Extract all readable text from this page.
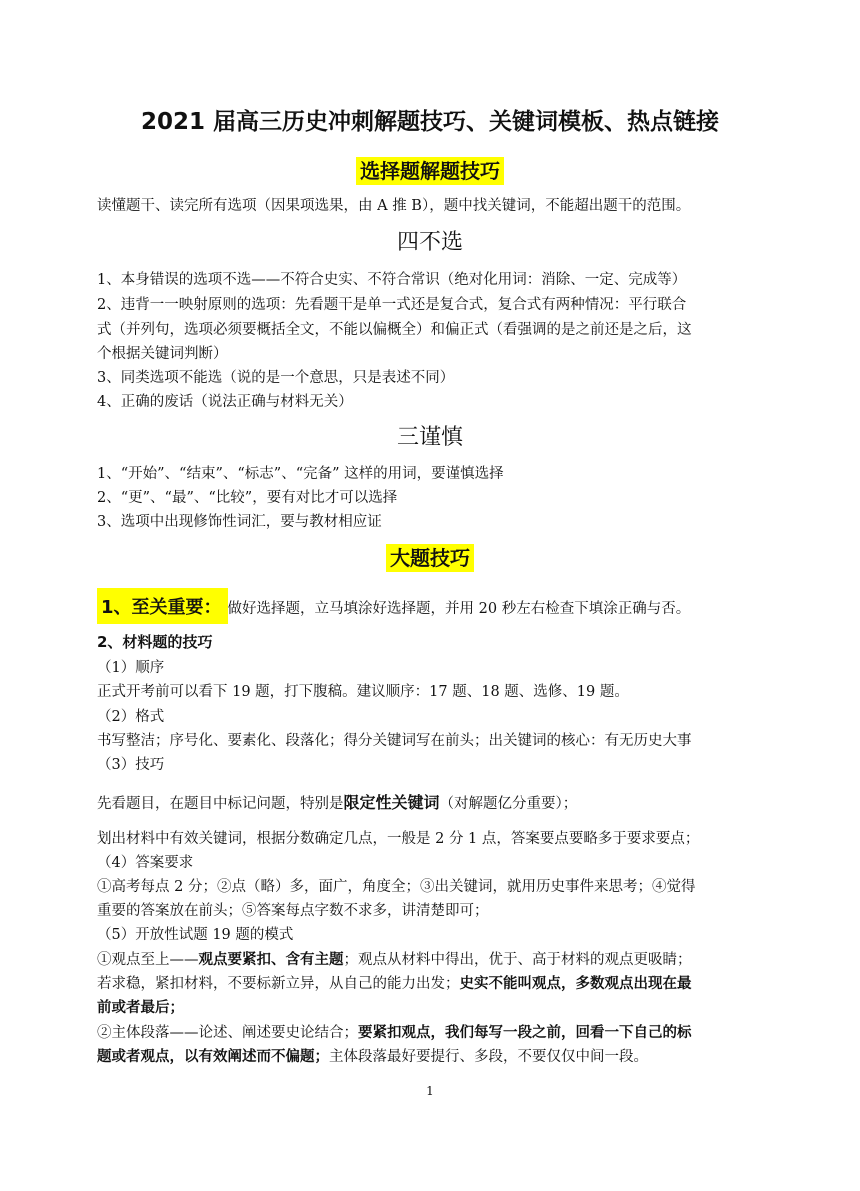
2021 届高三历史冲刺解题技巧、关键词模板、热点链接
选择题解题技巧
读懂题干、读完所有选项（因果项选果，由 A 推 B），题中找关键词，不能超出题干的范围。
四不选
1、本身错误的选项不选——不符合史实、不符合常识（绝对化用词：消除、一定、完成等）
2、违背一一映射原则的选项：先看题干是单一式还是复合式，复合式有两种情况：平行联合
式（并列句，选项必须要概括全文，不能以偏概全）和偏正式（看强调的是之前还是之后，这
个根据关键词判断）
3、同类选项不能选（说的是一个意思，只是表述不同）
4、正确的废话（说法正确与材料无关）
三谨慎
1、“开始”、“结束”、“标志”、“完备” 这样的用词，要谨慎选择
2、“更”、“最”、“比较”，要有对比才可以选择
3、选项中出现修饰性词汇，要与教材相应证
大题技巧
1、至关重要： 做好选择题，立马填涂好选择题，并用 20 秒左右检查下填涂正确与否。
2、材料题的技巧
（1）顺序
正式开考前可以看下 19 题，打下腹稿。建议顺序：17 题、18 题、选修、19 题。
（2）格式
书写整洁；序号化、要素化、段落化；得分关键词写在前头；出关键词的核心：有无历史大事
（3）技巧
先看题目，在题目中标记问题，特别是限定性关键词（对解题亿分重要）；
划出材料中有效关键词，根据分数确定几点，一般是 2 分 1 点，答案要点要略多于要求要点；
（4）答案要求
①高考每点 2 分；②点（略）多，面广，角度全；③出关键词，就用历史事件来思考；④觉得
重要的答案放在前头；⑤答案每点字数不求多，讲清楚即可；
（5）开放性试题 19 题的模式
①观点至上——观点要紧扣、含有主题；观点从材料中得出，优于、高于材料的观点更吸睛；
若求稳，紧扣材料，不要标新立异，从自己的能力出发；史实不能叫观点，多数观点出现在最
前或者最后；
②主体段落——论述、阐述要史论结合；要紧扣观点，我们每写一段之前，回看一下自己的标
题或者观点，以有效阐述而不偏题；主体段落最好要提行、多段，不要仅仅中间一段。
1
